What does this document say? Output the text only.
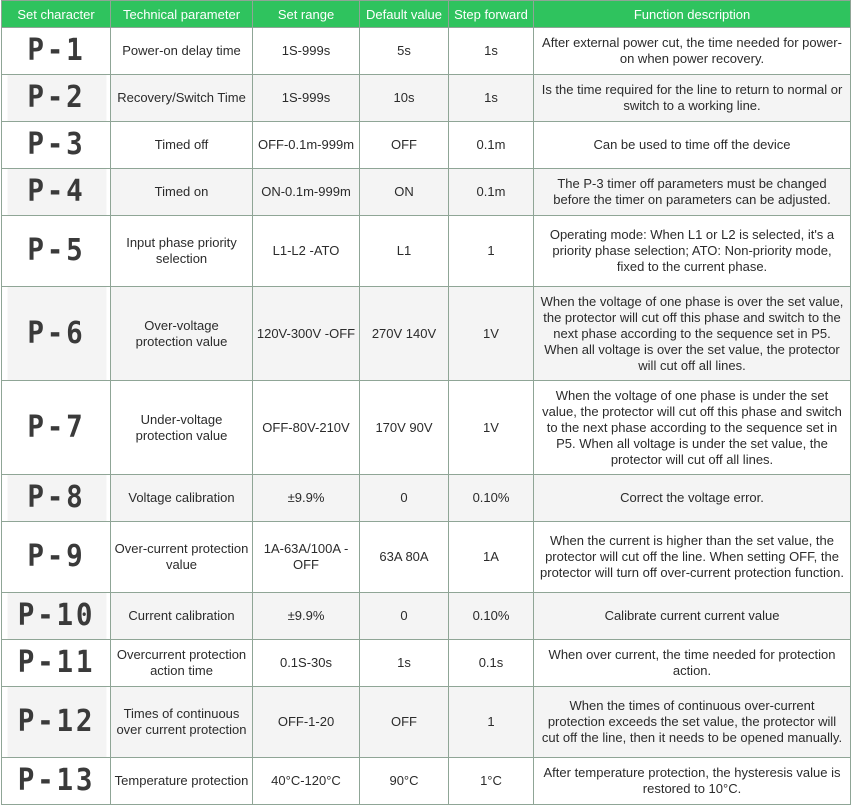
Set character	Technical parameter	Set range	Default value	Step forward	Function description
P-1	Power-on delay time	1S-999s	5s	1s	After external power cut, the time needed for power-on when power recovery.
P-2	Recovery/Switch Time	1S-999s	10s	1s	Is the time required for the line to return to normal or switch to a working line.
P-3	Timed off	OFF-0.1m-999m	OFF	0.1m	Can be used to time off the device
P-4	Timed on	ON-0.1m-999m	ON	0.1m	The P-3 timer off parameters must be changed before the timer on parameters can be adjusted.
P-5	Input phase priority selection	L1-L2 -ATO	L1	1	Operating mode: When L1 or L2 is selected, it's a priority phase selection; ATO: Non-priority mode, fixed to the current phase.
P-6	Over-voltage protection value	120V-300V -OFF	270V 140V	1V	When the voltage of one phase is over the set value, the protector will cut off this phase and switch to the next phase according to the sequence set in P5. When all voltage is over the set value, the protector will cut off all lines.
P-7	Under-voltage protection value	OFF-80V-210V	170V 90V	1V	When the voltage of one phase is under the set value, the protector will cut off this phase and switch to the next phase according to the sequence set in P5. When all voltage is under the set value, the protector will cut off all lines.
P-8	Voltage calibration	±9.9%	0	0.10%	Correct the voltage error.
P-9	Over-current protection value	1A-63A/100A -OFF	63A 80A	1A	When the current is higher than the set value, the protector will cut off the line. When setting OFF, the protector will turn off over-current protection function.
P-10	Current calibration	±9.9%	0	0.10%	Calibrate current current value
P-11	Overcurrent protection action time	0.1S-30s	1s	0.1s	When over current, the time needed for protection action.
P-12	Times of continuous over current protection	OFF-1-20	OFF	1	When the times of continuous over-current protection exceeds the set value, the protector will cut off the line, then it needs to be opened manually.
P-13	Temperature protection	40°C-120°C	90°C	1°C	After temperature protection, the hysteresis value is restored to 10°C.
